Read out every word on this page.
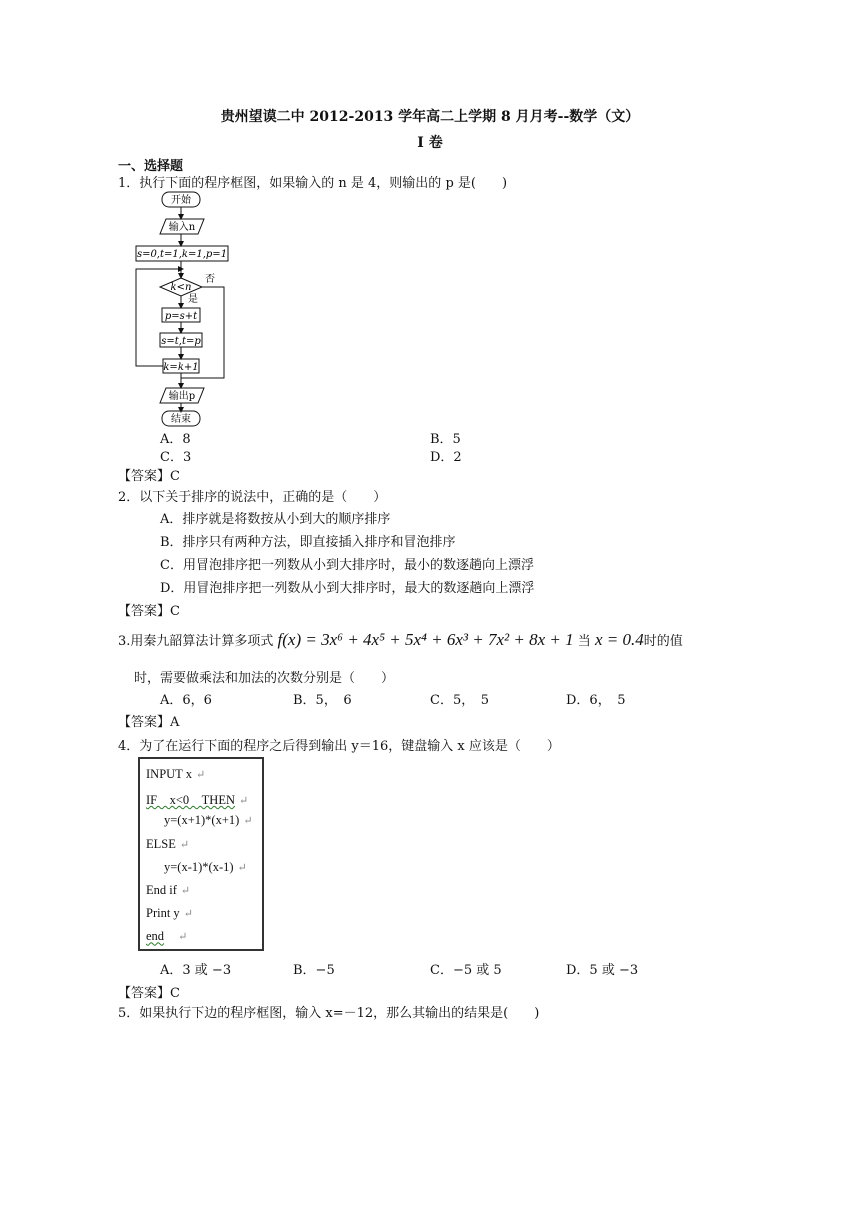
贵州望谟二中 2012-2013 学年高二上学期 8 月月考--数学（文）
I 卷
一、选择题
1．执行下面的程序框图，如果输入的 n 是 4，则输出的 p 是(　　)
开始
输入n
s=0,t=1,k=1,p=1
k<n
否
是
p=s+t
s=t,t=p
k=k+1
输出p
结束
A．8	B．5
C．3	D．2
【答案】C
2．以下关于排序的说法中，正确的是（　　）
A．排序就是将数按从小到大的顺序排序
B．排序只有两种方法，即直接插入排序和冒泡排序
C．用冒泡排序把一列数从小到大排序时，最小的数逐趟向上漂浮
D．用冒泡排序把一列数从小到大排序时，最大的数逐趟向上漂浮
【答案】C
3.用秦九韶算法计算多项式 f(x) = 3x⁶ + 4x⁵ + 5x⁴ + 6x³ + 7x² + 8x + 1 当 x = 0.4时的值
时，需要做乘法和加法的次数分别是（　　）
A．6，6	B．5，　6	C．5，　5	D．6，　5
【答案】A
4．为了在运行下面的程序之后得到输出 y＝16，键盘输入 x 应该是（　　）
INPUT x ↵
IF　x<0　THEN ↵
y=(x+1)*(x+1) ↵
ELSE ↵
y=(x-1)*(x-1) ↵
End if ↵
Print y ↵
end ↵
A．3 或 −3	B．−5	C．−5 或 5	D．5 或 −3
【答案】C
5．如果执行下边的程序框图，输入 x=－12，那么其输出的结果是(　　)
